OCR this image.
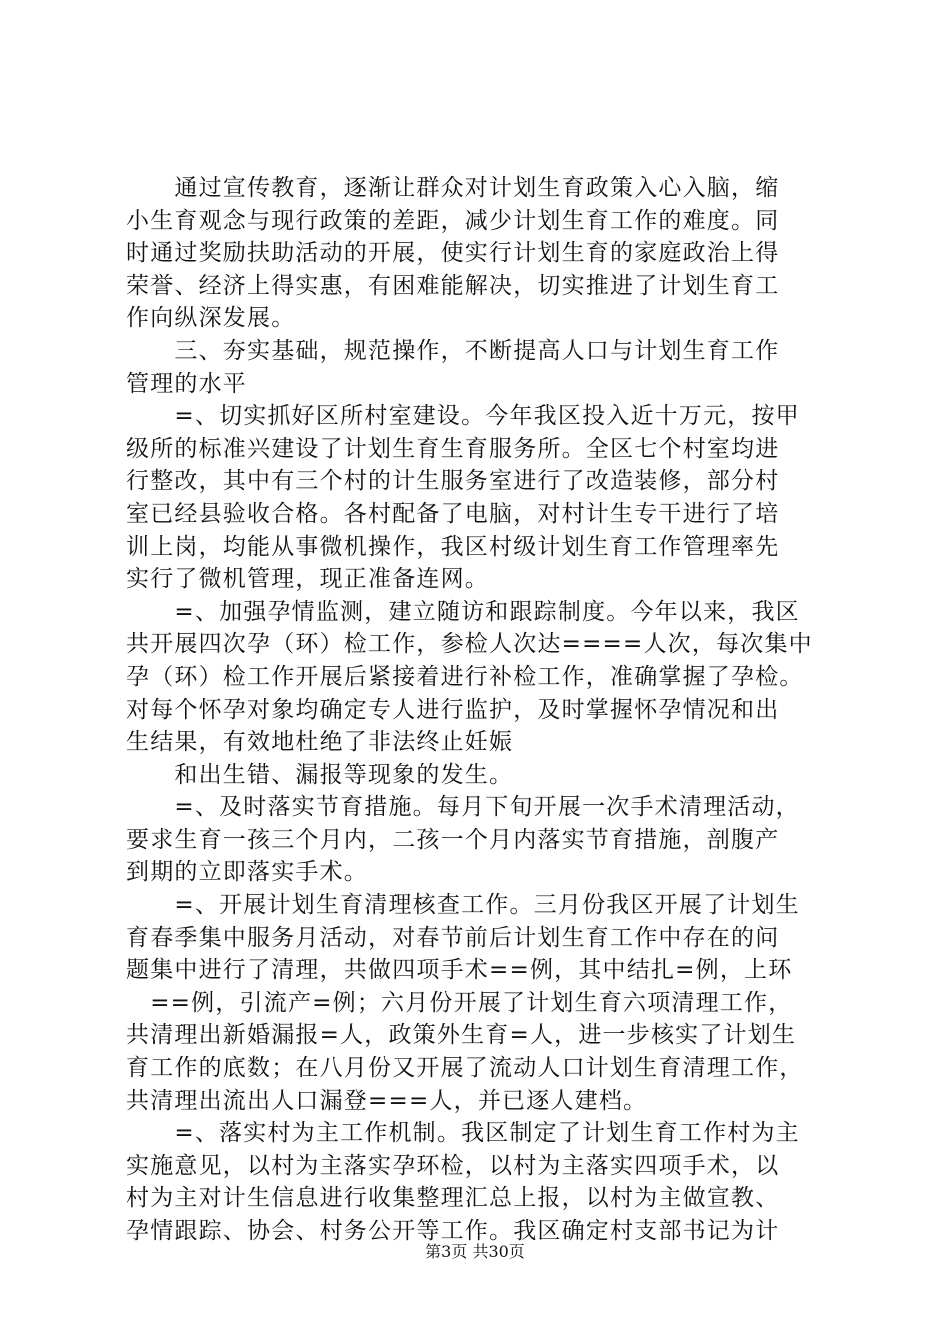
　　通过宣传教育，逐渐让群众对计划生育政策入心入脑，缩
小生育观念与现行政策的差距，减少计划生育工作的难度。同
时通过奖励扶助活动的开展，使实行计划生育的家庭政治上得
荣誉、经济上得实惠，有困难能解决，切实推进了计划生育工
作向纵深发展。
　　三、夯实基础，规范操作，不断提高人口与计划生育工作
管理的水平
　　=、切实抓好区所村室建设。今年我区投入近十万元，按甲
级所的标准兴建设了计划生育生育服务所。全区七个村室均进
行整改，其中有三个村的计生服务室进行了改造装修，部分村
室已经县验收合格。各村配备了电脑，对村计生专干进行了培
训上岗，均能从事微机操作，我区村级计划生育工作管理率先
实行了微机管理，现正准备连网。
　　=、加强孕情监测，建立随访和跟踪制度。今年以来，我区
共开展四次孕（环）检工作，参检人次达====人次，每次集中
孕（环）检工作开展后紧接着进行补检工作，准确掌握了孕检。
对每个怀孕对象均确定专人进行监护，及时掌握怀孕情况和出
生结果，有效地杜绝了非法终止妊娠
　　和出生错、漏报等现象的发生。
　　=、及时落实节育措施。每月下旬开展一次手术清理活动，
要求生育一孩三个月内，二孩一个月内落实节育措施，剖腹产
到期的立即落实手术。
　　=、开展计划生育清理核查工作。三月份我区开展了计划生
育春季集中服务月活动，对春节前后计划生育工作中存在的问
题集中进行了清理，共做四项手术==例，其中结扎=例，上环
　==例，引流产=例；六月份开展了计划生育六项清理工作，
共清理出新婚漏报=人，政策外生育=人，进一步核实了计划生
育工作的底数；在八月份又开展了流动人口计划生育清理工作，
共清理出流出人口漏登===人，并已逐人建档。
　　=、落实村为主工作机制。我区制定了计划生育工作村为主
实施意见，以村为主落实孕环检，以村为主落实四项手术，以
村为主对计生信息进行收集整理汇总上报，以村为主做宣教、
孕情跟踪、协会、村务公开等工作。我区确定村支部书记为计
第3页 共30页
